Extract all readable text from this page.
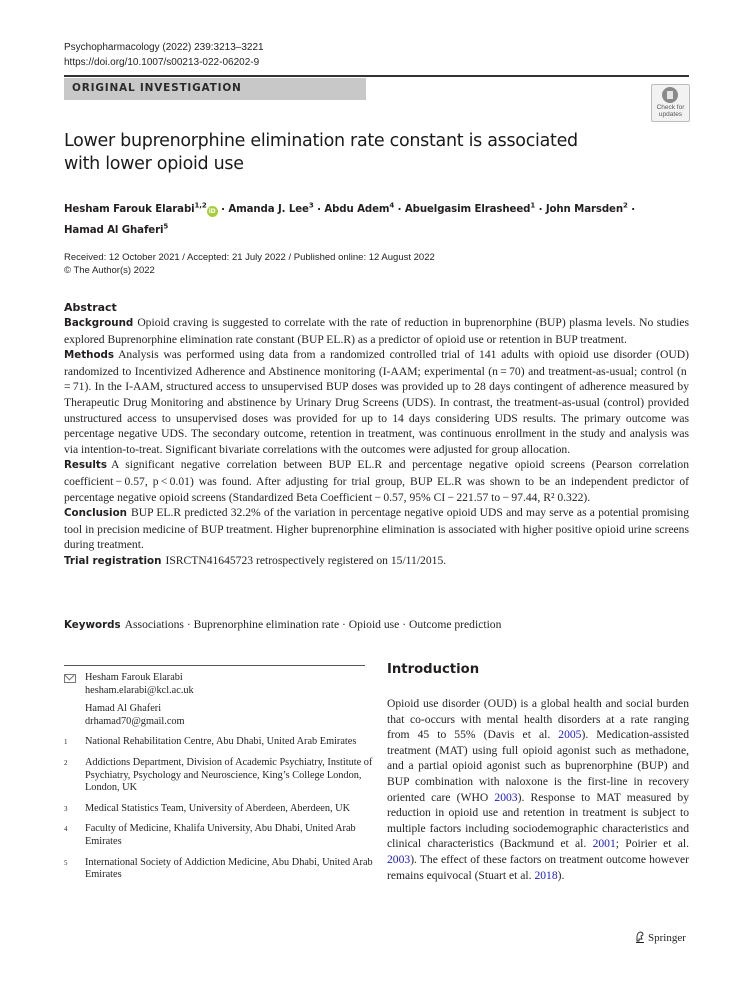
Psychopharmacology (2022) 239:3213–3221
https://doi.org/10.1007/s00213-022-06202-9
ORIGINAL INVESTIGATION
Check for
updates
Lower buprenorphine elimination rate constant is associated
with lower opioid use
Hesham Farouk Elarabi$^{1,2}$iD · Amanda J. Lee$^3$ · Abdu Adem$^4$ · Abuelgasim Elrasheed$^1$ · John Marsden$^2$ ·
Hamad Al Ghaferi$^5$
Received: 12 October 2021 / Accepted: 21 July 2022 / Published online: 12 August 2022
© The Author(s) 2022
Abstract

Background Opioid craving is suggested to correlate with the rate of reduction in buprenorphine (BUP) plasma levels. No studies explored Buprenorphine elimination rate constant (BUP EL.R) as a predictor of opioid use or retention in BUP treatment.

Methods Analysis was performed using data from a randomized controlled trial of 141 adults with opioid use disorder (OUD) randomized to Incentivized Adherence and Abstinence monitoring (I-AAM; experimental (n = 70) and treatment-as-usual; control (n = 71). In the I-AAM, structured access to unsupervised BUP doses was provided up to 28 days contingent of adherence measured by Therapeutic Drug Monitoring and abstinence by Urinary Drug Screens (UDS). In contrast, the treatment-as-usual (control) provided unstructured access to unsupervised doses was provided for up to 14 days considering UDS results. The primary outcome was percentage negative UDS. The secondary outcome, retention in treatment, was continuous enrollment in the study and analysis was via intention-to-treat. Significant bivariate correlations with the outcomes were adjusted for group allocation.

Results A significant negative correlation between BUP EL.R and percentage negative opioid screens (Pearson correlation coefficient − 0.57, p < 0.01) was found. After adjusting for trial group, BUP EL.R was shown to be an independent predictor of percentage negative opioid screens (Standardized Beta Coefficient − 0.57, 95% CI − 221.57 to − 97.44, R² 0.322).

Conclusion BUP EL.R predicted 32.2% of the variation in percentage negative opioid UDS and may serve as a potential promising tool in precision medicine of BUP treatment. Higher buprenorphine elimination is associated with higher positive opioid urine screens during treatment.

Trial registration ISRCTN41645723 retrospectively registered on 15/11/2015.

Keywords Associations · Buprenorphine elimination rate · Opioid use · Outcome prediction
Hesham Farouk Elarabi
hesham.elarabi@kcl.ac.uk
Hamad Al Ghaferi
drhamad70@gmail.com
1 National Rehabilitation Centre, Abu Dhabi, United Arab Emirates
2 Addictions Department, Division of Academic Psychiatry, Institute of Psychiatry, Psychology and Neuroscience, King’s College London, London, UK
3 Medical Statistics Team, University of Aberdeen, Aberdeen, UK
4 Faculty of Medicine, Khalifa University, Abu Dhabi, United Arab Emirates
5 International Society of Addiction Medicine, Abu Dhabi, United Arab Emirates
Introduction

Opioid use disorder (OUD) is a global health and social burden that co-occurs with mental health disorders at a rate ranging from 45 to 55% (Davis et al. 2005). Medication-assisted treatment (MAT) using full opioid agonist such as methadone, and a partial opioid agonist such as buprenorphine (BUP) and BUP combination with naloxone is the first-line in recovery oriented care (WHO 2003). Response to MAT measured by reduction in opioid use and retention in treatment is subject to multiple factors including sociodemographic characteristics and clinical characteristics (Backmund et al. 2001; Poirier et al. 2003). The effect of these factors on treatment outcome however remains equivocal (Stuart et al. 2018).

Springer
